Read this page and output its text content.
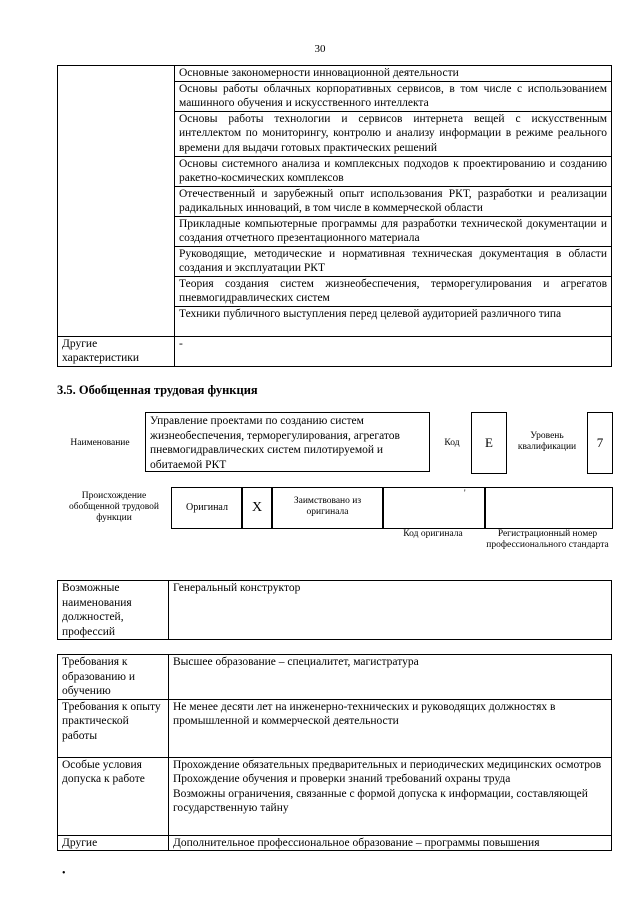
30
	Основные закономерности инновационной деятельности
	Основы работы облачных корпоративных сервисов, в том числе с использованием машинного обучения и искусственного интеллекта
	Основы работы технологии и сервисов интернета вещей с искусственным интеллектом по мониторингу, контролю и анализу информации в режиме реального времени для выдачи готовых практических решений
	Основы системного анализа и комплексных подходов к проектированию и созданию ракетно-космических комплексов
	Отечественный и зарубежный опыт использования РКТ, разработки и реализации радикальных инноваций, в том числе в коммерческой области
	Прикладные компьютерные программы для разработки технической документации и создания отчетного презентационного материала
	Руководящие, методические и нормативная техническая документация в области создания и эксплуатации РКТ
	Теория создания систем жизнеобеспечения, терморегулирования и агрегатов пневмогидравлических систем
	Техники публичного выступления перед целевой аудиторией различного типа
Другие характеристики	-
3.5. Обобщенная трудовая функция
Наименование
Управление проектами по созданию систем жизнеобеспечения, терморегулирования, агрегатов пневмогидравлических систем пилотируемой и обитаемой РКТ
Код	E	Уровень квалификации	7
Происхождение обобщенной трудовой функции
Оригинал	X	Заимствовано из оригинала
'
Код оригинала	Регистрационный номер профессионального стандарта
Возможные наименования должностей, профессий	Генеральный конструктор
Требования к образованию и обучению	Высшее образование – специалитет, магистратура
Требования к опыту практической работы	Не менее десяти лет на инженерно-технических и руководящих должностях в промышленной и коммерческой деятельности
Особые условия допуска к работе	Прохождение обязательных предварительных и периодических медицинских осмотров
Прохождение обучения и проверки знаний требований охраны труда
Возможны ограничения, связанные с формой допуска к информации, составляющей государственную тайну

Другие	Дополнительное профессиональное образование – программы повышения
•
